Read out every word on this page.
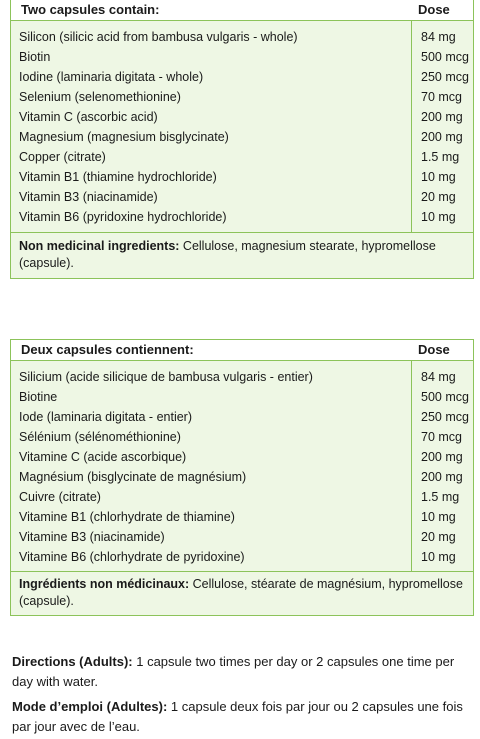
Two capsules contain:	Dose
Silicon (silicic acid from bambusa vulgaris - whole)	84 mg
Biotin	500 mcg
Iodine (laminaria digitata - whole)	250 mcg
Selenium (selenomethionine)	70 mcg
Vitamin C (ascorbic acid)	200 mg
Magnesium (magnesium bisglycinate)	200 mg
Copper (citrate)	1.5 mg
Vitamin B1 (thiamine hydrochloride)	10 mg
Vitamin B3 (niacinamide)	20 mg
Vitamin B6 (pyridoxine hydrochloride)	10 mg
Non medicinal ingredients: Cellulose, magnesium stearate, hypromellose (capsule).
Deux capsules contiennent:	Dose
Silicium (acide silicique de bambusa vulgaris - entier)	84 mg
Biotine	500 mcg
Iode (laminaria digitata - entier)	250 mcg
Sélénium (sélénométhionine)	70 mcg
Vitamine C (acide ascorbique)	200 mg
Magnésium (bisglycinate de magnésium)	200 mg
Cuivre (citrate)	1.5 mg
Vitamine B1 (chlorhydrate de thiamine)	10 mg
Vitamine B3 (niacinamide)	20 mg
Vitamine B6 (chlorhydrate de pyridoxine)	10 mg
Ingrédients non médicinaux: Cellulose, stéarate de magnésium, hypromellose (capsule).
Directions (Adults): 1 capsule two times per day or 2 capsules one time per day with water.
Mode d’emploi (Adultes): 1 capsule deux fois par jour ou 2 capsules une fois par jour avec de l’eau.
